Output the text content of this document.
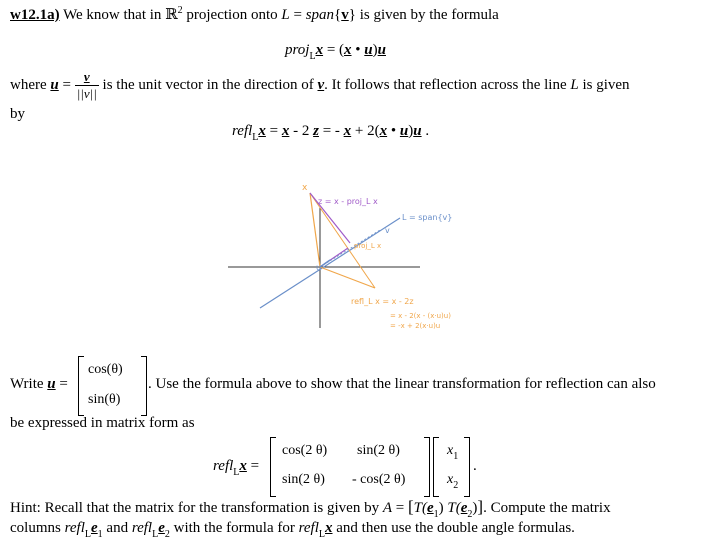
w12.1a) We know that in ℝ$^2$ projection onto L = span{v} is given by the formula
proj$_L$x = (x • u)u
where $u = \frac{v}{||v||}$ is the unit vector in the direction of v. It follows that reflection across the line L is given
by
refl$_L$x = x - 2 z = - x + 2(x • u)u .
x
z = x - proj_L x
L = span{v}
v
u
proj_L x
refl_L x = x - 2z
= x - 2(x - (x·u)u)
= -x + 2(x·u)u
Write u =
cos(θ)
sin(θ)
. Use the formula above to show that the linear transformation for reflection can also
be expressed in matrix form as
refl$_L$x =
cos(2 θ) sin(2 θ)
sin(2 θ) - cos(2 θ)
$x_1$
$x_2$
.
Hint: Recall that the matrix for the transformation is given by $A = [T(e_1)$ $T(e_2)$]. Compute the matrix
columns $refl_Le_1$ and $refl_Le_2$ with the formula for refl$_L$x and then use the double angle formulas.
